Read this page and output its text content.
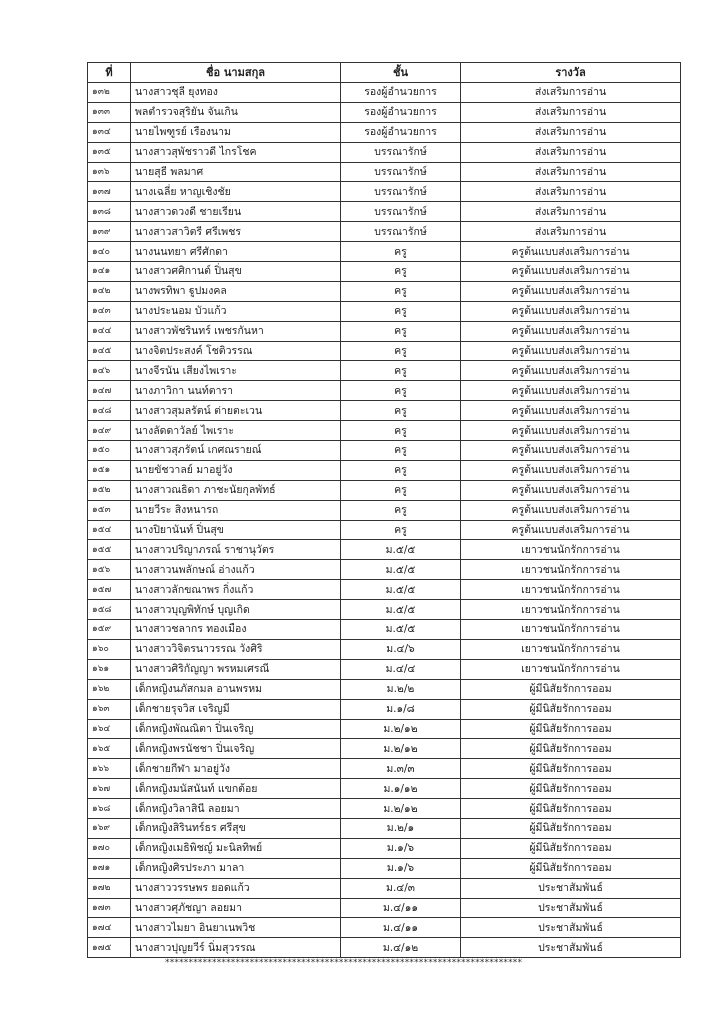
ที่	ชื่อ นามสกุล	ชั้น	รางวัล
๑๓๒	นางสาวชุลี ยุงทอง	รองผู้อำนวยการ	ส่งเสริมการอ่าน
๑๓๓	พลตำรวจสุริยัน จันเกิน	รองผู้อำนวยการ	ส่งเสริมการอ่าน
๑๓๔	นายไพฑูรย์ เรืองนาม	รองผู้อำนวยการ	ส่งเสริมการอ่าน
๑๓๕	นางสาวสุพัชราวดี ไกรโชค	บรรณารักษ์	ส่งเสริมการอ่าน
๑๓๖	นายสุธี พลมาศ	บรรณารักษ์	ส่งเสริมการอ่าน
๑๓๗	นางเฉลี่ย หาญเชิงชัย	บรรณารักษ์	ส่งเสริมการอ่าน
๑๓๘	นางสาวดวงดี ชายเรียน	บรรณารักษ์	ส่งเสริมการอ่าน
๑๓๙	นางสาวสาวิตรี ศรีเพชร	บรรณารักษ์	ส่งเสริมการอ่าน
๑๔๐	นางนนทยา ศรีศักดา	ครู	ครูต้นแบบส่งเสริมการอ่าน
๑๔๑	นางสาวศศิกานต์ ปิ่นสุข	ครู	ครูต้นแบบส่งเสริมการอ่าน
๑๔๒	นางพรทิพา ฐูปมงคล	ครู	ครูต้นแบบส่งเสริมการอ่าน
๑๔๓	นางประนอม บัวแก้ว	ครู	ครูต้นแบบส่งเสริมการอ่าน
๑๔๔	นางสาวพัชรินทร์ เพชรกันหา	ครู	ครูต้นแบบส่งเสริมการอ่าน
๑๔๕	นางจิตประสงค์ โชติวรรณ	ครู	ครูต้นแบบส่งเสริมการอ่าน
๑๔๖	นางจีรนัน เสียงไพเราะ	ครู	ครูต้นแบบส่งเสริมการอ่าน
๑๔๗	นางภาวิกา นนท์ตารา	ครู	ครูต้นแบบส่งเสริมการอ่าน
๑๔๘	นางสาวสุมลรัตน์ ต่ายตะเวน	ครู	ครูต้นแบบส่งเสริมการอ่าน
๑๔๙	นางลัดดาวัลย์ ไพเราะ	ครู	ครูต้นแบบส่งเสริมการอ่าน
๑๕๐	นางสาวสุภรัตน์ เกศณรายณ์	ครู	ครูต้นแบบส่งเสริมการอ่าน
๑๕๑	นายขัชวาลย์ มาอยู่วัง	ครู	ครูต้นแบบส่งเสริมการอ่าน
๑๕๒	นางสาวณธิดา ภาชะนัยกุลพัทธ์	ครู	ครูต้นแบบส่งเสริมการอ่าน
๑๕๓	นายวีระ สิงหนารถ	ครู	ครูต้นแบบส่งเสริมการอ่าน
๑๕๔	นางปิยานันท์ ปิ่นสุข	ครู	ครูต้นแบบส่งเสริมการอ่าน
๑๕๕	นางสาวปริญาภรณ์ ราชานุวัตร	ม.๕/๕	เยาวชนนักรักการอ่าน
๑๕๖	นางสาวนพลักษณ์ อ่างแก้ว	ม.๕/๕	เยาวชนนักรักการอ่าน
๑๕๗	นางสาวลักขณาพร กิ่งแก้ว	ม.๕/๕	เยาวชนนักรักการอ่าน
๑๕๘	นางสาวบุญพิทักษ์ บุญเกิด	ม.๕/๕	เยาวชนนักรักการอ่าน
๑๕๙	นางสาวชลากร ทองเมือง	ม.๕/๕	เยาวชนนักรักการอ่าน
๑๖๐	นางสาววิจิตรนาวรรณ วังศิริ	ม.๔/๖	เยาวชนนักรักการอ่าน
๑๖๑	นางสาวศิริกัญญา พรหมเศรณี	ม.๔/๔	เยาวชนนักรักการอ่าน
๑๖๒	เด็กหญิงนภัสกมล อานพรหม	ม.๒/๒	ผู้มีนิสัยรักการออม
๑๖๓	เด็กชายรุจวิส เจริญมี	ม.๑/๘	ผู้มีนิสัยรักการออม
๑๖๔	เด็กหญิงพัณณิตา ปิ่นเจริญ	ม.๒/๑๒	ผู้มีนิสัยรักการออม
๑๖๕	เด็กหญิงพรนัชชา ปิ่นเจริญ	ม.๒/๑๒	ผู้มีนิสัยรักการออม
๑๖๖	เด็กชายกีฬา มาอยู่วัง	ม.๓/๓	ผู้มีนิสัยรักการออม
๑๖๗	เด็กหญิงมนัสนันท์ แขกต้อย	ม.๑/๑๒	ผู้มีนิสัยรักการออม
๑๖๘	เด็กหญิงวิลาสินี ลอยมา	ม.๒/๑๒	ผู้มีนิสัยรักการออม
๑๖๙	เด็กหญิงสิรินทร์ธร ศรีสุข	ม.๒/๑	ผู้มีนิสัยรักการออม
๑๗๐	เด็กหญิงเมธิพิชญ์ มะนิลทิพย์	ม.๑/๖	ผู้มีนิสัยรักการออม
๑๗๑	เด็กหญิงศิรประภา มาลา	ม.๑/๖	ผู้มีนิสัยรักการออม
๑๗๒	นางสาววรรษพร ยอดแก้ว	ม.๔/๓	ประชาสัมพันธ์
๑๗๓	นางสาวศุภัชญา ลอยมา	ม.๔/๑๑	ประชาสัมพันธ์
๑๗๔	นางสาวไมยา อินยาเนพวิช	ม.๔/๑๑	ประชาสัมพันธ์
๑๗๕	นางสาวปุญยวีร์ นิ่มสุวรรณ	ม.๔/๑๒	ประชาสัมพันธ์
****************************************************************************
